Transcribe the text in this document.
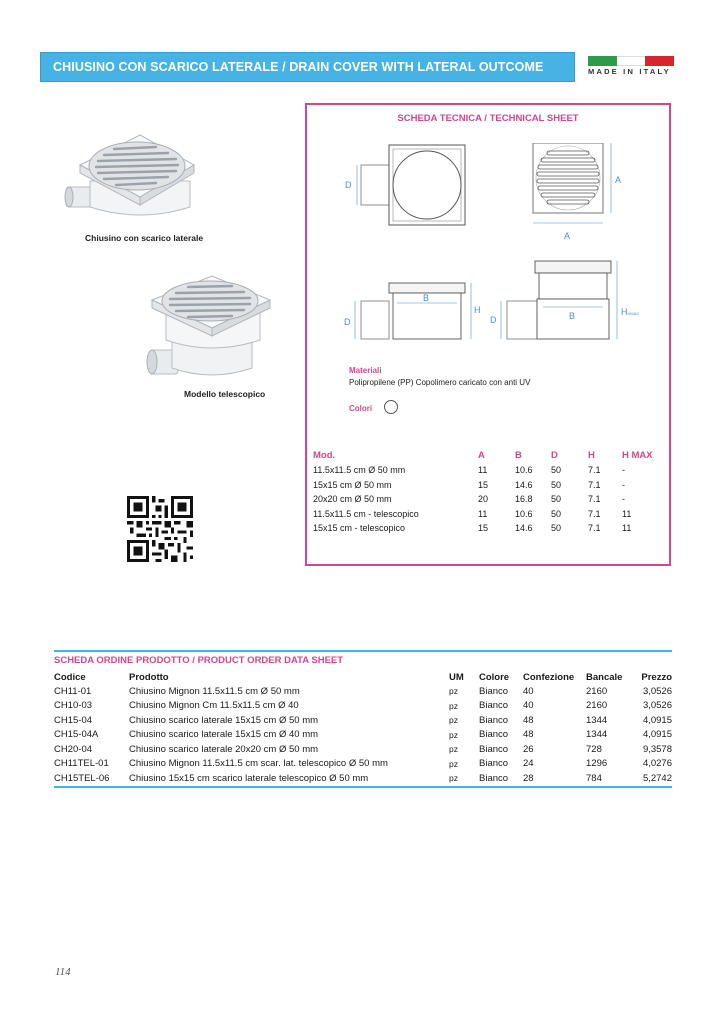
CHIUSINO CON SCARICO LATERALE / DRAIN COVER WITH LATERAL OUTCOME	MADE IN ITALY
Chiusino con scarico laterale
Modello telescopico
SCHEDA TECNICA / TECHNICAL SHEET
D	A
A
B
H
D
B	HHMAX
D
Materiali
Polipropilene (PP) Copolimero caricato con anti UV
Colori
Mod.	A	B	D	H	H MAX
11.5x11.5 cm Ø 50 mm	11	10.6	50	7.1	-
15x15 cm Ø 50 mm	15	14.6	50	7.1	-
20x20 cm Ø 50 mm	20	16.8	50	7.1	-
11.5x11.5 cm - telescopico	11	10.6	50	7.1	11
15x15 cm - telescopico	15	14.6	50	7.1	11
SCHEDA ORDINE PRODOTTO / PRODUCT ORDER DATA SHEET
Codice	Prodotto	UM	Colore	Confezione	Bancale	Prezzo
CH11-01	Chiusino Mignon 11.5x11.5 cm Ø 50 mm	pz	Bianco	40	2160	3,0526
CH10-03	Chiusino Mignon Cm 11.5x11.5 cm Ø 40	pz	Bianco	40	2160	3,0526
CH15-04	Chiusino scarico laterale 15x15 cm Ø 50 mm	pz	Bianco	48	1344	4,0915
CH15-04A	Chiusino scarico laterale 15x15 cm Ø 40 mm	pz	Bianco	48	1344	4,0915
CH20-04	Chiusino scarico laterale 20x20 cm Ø 50 mm	pz	Bianco	26	728	9,3578
CH11TEL-01	Chiusino Mignon 11.5x11.5 cm scar. lat. telescopico Ø 50 mm	pz	Bianco	24	1296	4,0276
CH15TEL-06	Chiusino 15x15 cm scarico laterale telescopico Ø 50 mm	pz	Bianco	28	784	5,2742
114
